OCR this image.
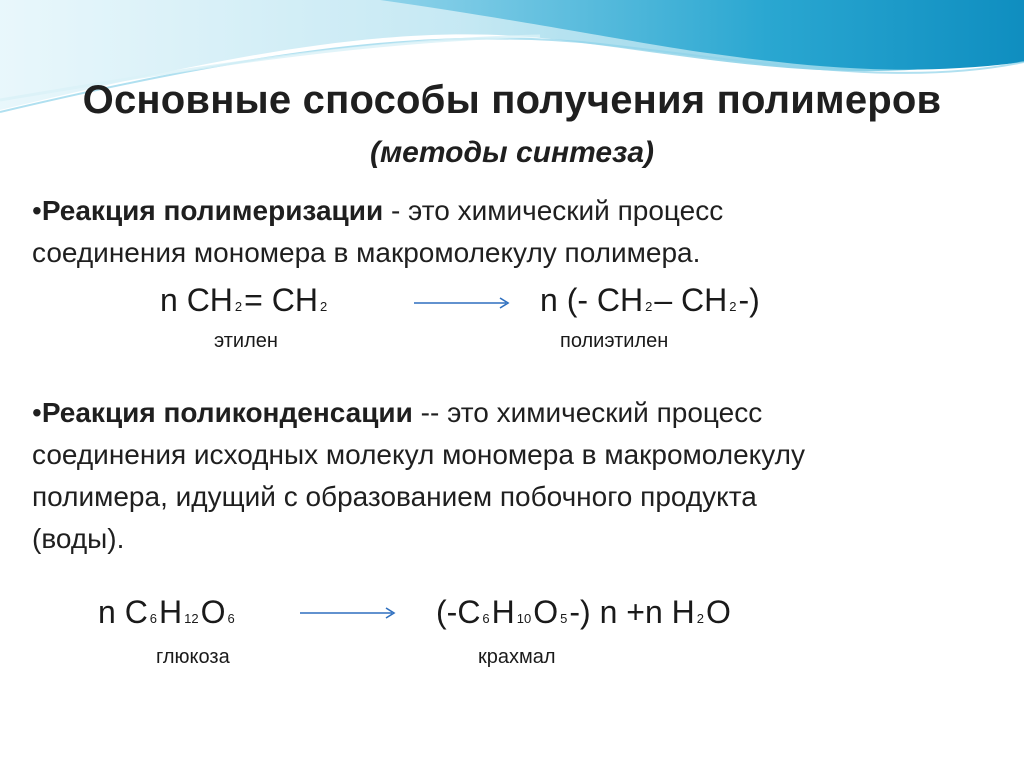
Основные способы получения полимеров
(методы синтеза)
•Реакция полимеризации - это химический процесс
соединения мономера в макромолекулу полимера.
n CH 2= CH 2	n (- CH 2– CH 2-)
этилен	полиэтилен
•Реакция поликонденсации -- это химический процесс
соединения исходных молекул мономера в макромолекулу
полимера, идущий с образованием побочного продукта
(воды).
n C 6H 12O 6	(-C 6H 10O 5-) n +n H 2O
глюкоза	крахмал
